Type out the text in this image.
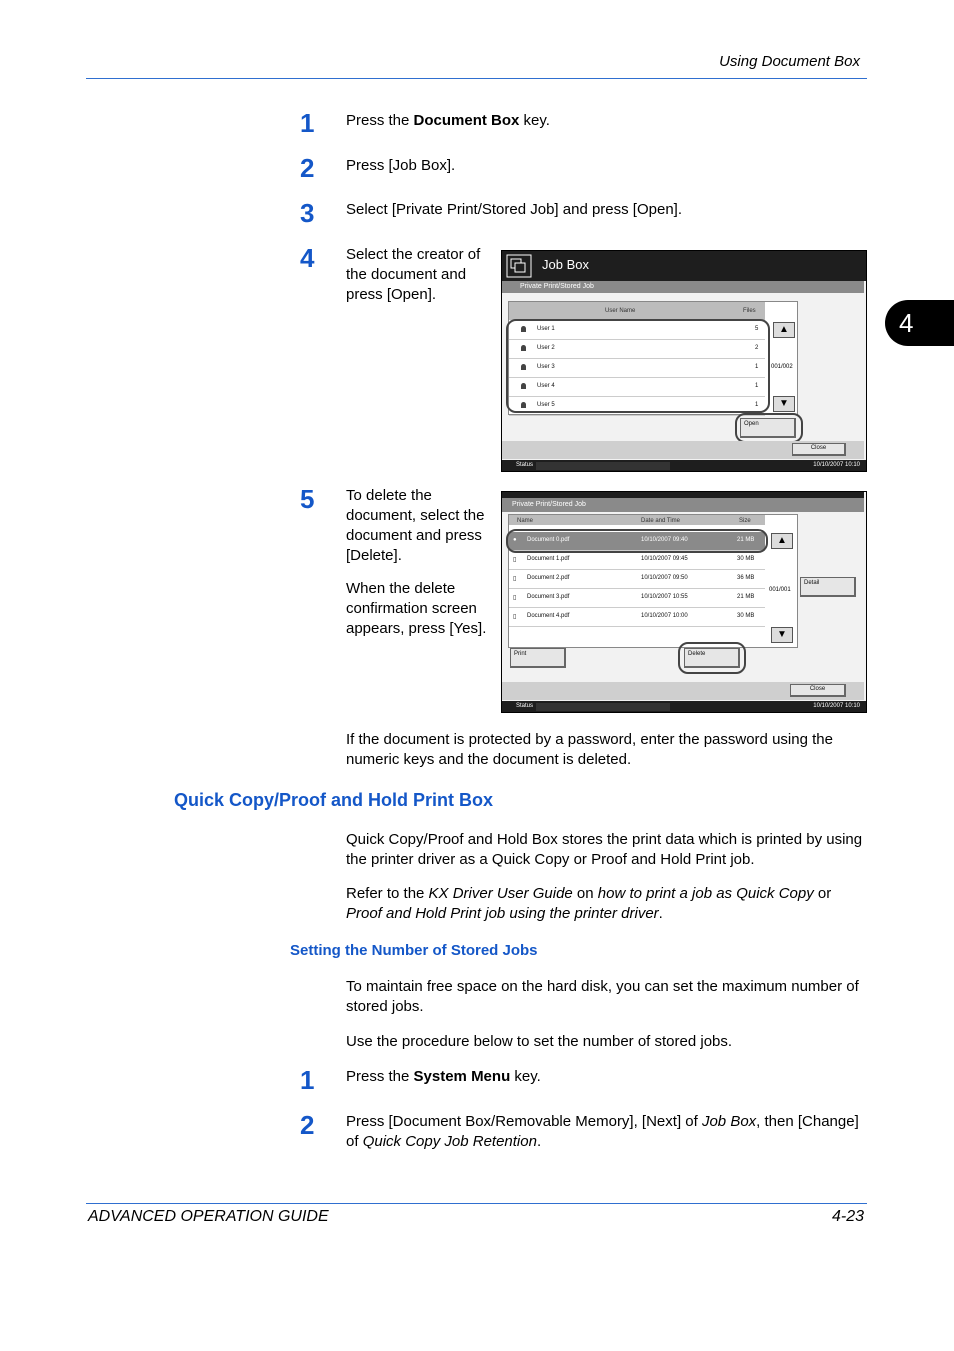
Using Document Box
4
1 Press the Document Box key.
2 Press [Job Box].
3 Select [Private Print/Stored Job] and press [Open].
4 Select the creator of the document and press [Open].
Job Box
Private Print/Stored Job
User Name	Files
User 1	5
User 2	2
User 3	1
User 4	1
User 5	1
▲
001/002
▼
Open
Close
Status	10/10/2007 10:10
5 To delete the document, select the document and press [Delete].
When the delete confirmation screen appears, press [Yes].
Private Print/Stored Job
Name	Date and Time	Size
● Document 0.pdf	10/10/2007 09:40	21 MB
▯ Document 1.pdf	10/10/2007 09:45	30 MB
▯ Document 2.pdf	10/10/2007 09:50	36 MB
▯ Document 3.pdf	10/10/2007 10:55	21 MB
▯ Document 4.pdf	10/10/2007 10:00	30 MB
▲
001/001
▼
Detail
Print	Delete
Close
Status	10/10/2007 10:10
If the document is protected by a password, enter the password using the numeric keys and the document is deleted.
Quick Copy/Proof and Hold Print Box
Quick Copy/Proof and Hold Box stores the print data which is printed by using the printer driver as a Quick Copy or Proof and Hold Print job.
Refer to the KX Driver User Guide on how to print a job as Quick Copy or Proof and Hold Print job using the printer driver.
Setting the Number of Stored Jobs
To maintain free space on the hard disk, you can set the maximum number of stored jobs.
Use the procedure below to set the number of stored jobs.
1 Press the System Menu key.
2 Press [Document Box/Removable Memory], [Next] of Job Box, then [Change] of Quick Copy Job Retention.
ADVANCED OPERATION GUIDE	4-23
